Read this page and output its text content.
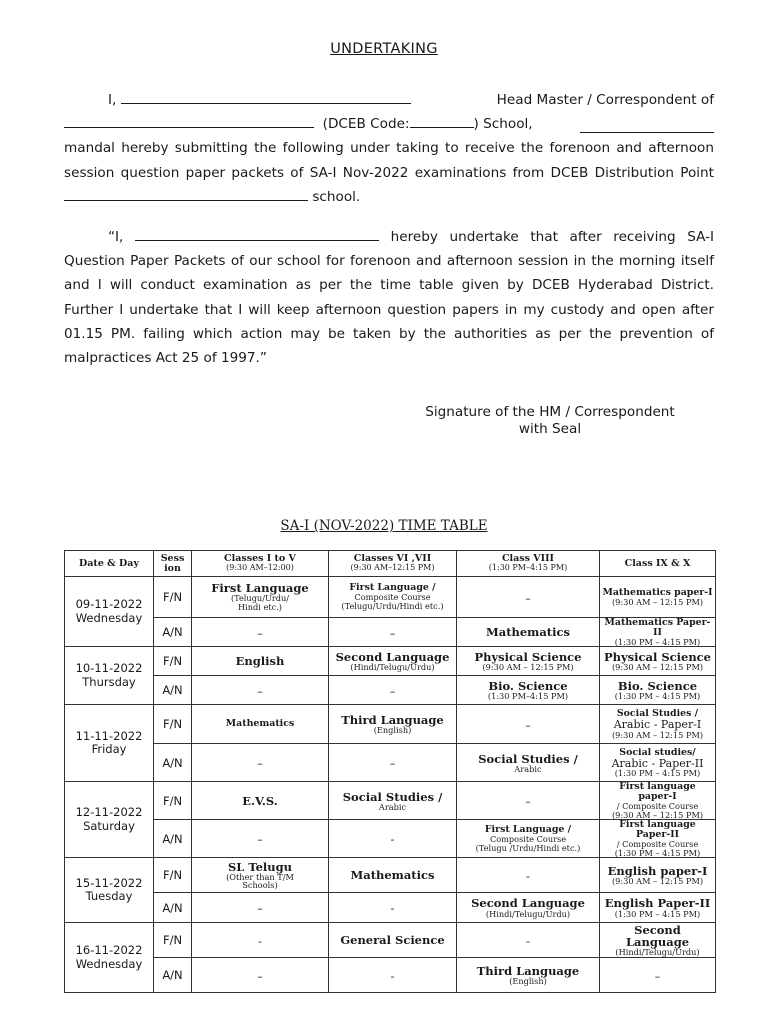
UNDERTAKING
I,	Head Master / Correspondent of

(DCEB Code:	) School,

mandal hereby submitting the following under taking to receive the forenoon and afternoon session question paper packets of SA-I Nov-2022 examinations from DCEB Distribution Point  school.
“I,	hereby undertake that after receiving SA-I Question Paper Packets of our school for forenoon and afternoon session in the morning itself and I will conduct examination as per the time table given by DCEB Hyderabad District. Further I undertake that I will keep afternoon question papers in my custody and open after 01.15 PM. failing which action may be taken by the authorities as per the prevention of malpractices Act 25 of 1997.”
Signature of the HM / Correspondent
with Seal
SA-I (NOV-2022) TIME TABLE
Date & Day	Sess
ion	Classes I to V
(9:30 AM–12:00)	Classes VI ,VII
(9:30 AM–12:15 PM)	Class VIII
(1:30 PM–4:15 PM)	Class IX & X
09-11-2022
Wednesday	F/N	First Language
(Telugu/Urdu/
Hindi etc.)	First Language /
Composite Course
(Telugu/Urdu/Hindi etc.)	–	Mathematics paper-I
(9:30 AM – 12:15 PM)

	A/N	–	–	Mathematics	Mathematics Paper-II
(1:30 PM – 4:15 PM)

10-11-2022
Thursday	F/N	English	Second Language
(Hindi/Telugu/Urdu)	Physical Science
(9:30 AM – 12:15 PM)	Physical Science
(9:30 AM – 12:15 PM)

	A/N	–	–	Bio. Science
(1:30 PM–4:15 PM)	Bio. Science
(1:30 PM – 4:15 PM)

11-11-2022
Friday	F/N	Mathematics	Third Language
(English)	–	Social Studies /
Arabic - Paper-I
(9:30 AM – 12:15 PM)

	A/N	–	–	Social Studies /
Arabic	Social studies/
Arabic - Paper-II
(1:30 PM – 4:15 PM)

12-11-2022
Saturday	F/N	E.V.S.	Social Studies /
Arabic	–	First language paper-I
/ Composite Course
(9:30 AM – 12:15 PM)

	A/N	–	-	First Language /
Composite Course
(Telugu /Urdu/Hindi etc.)	First language Paper-II
/ Composite Course
(1:30 PM – 4:15 PM)

15-11-2022
Tuesday	F/N	SL Telugu
(Other than T/M
Schools)	Mathematics	-	English paper-I
(9:30 AM – 12:15 PM)

	A/N	–	-	Second Language
(Hindi/Telugu/Urdu)	English Paper-II
(1:30 PM – 4:15 PM)

16-11-2022
Wednesday	F/N	-	General Science	-	Second Language
(Hindi/Telugu/Urdu)

	A/N	–	-	Third Language
(English)	–
